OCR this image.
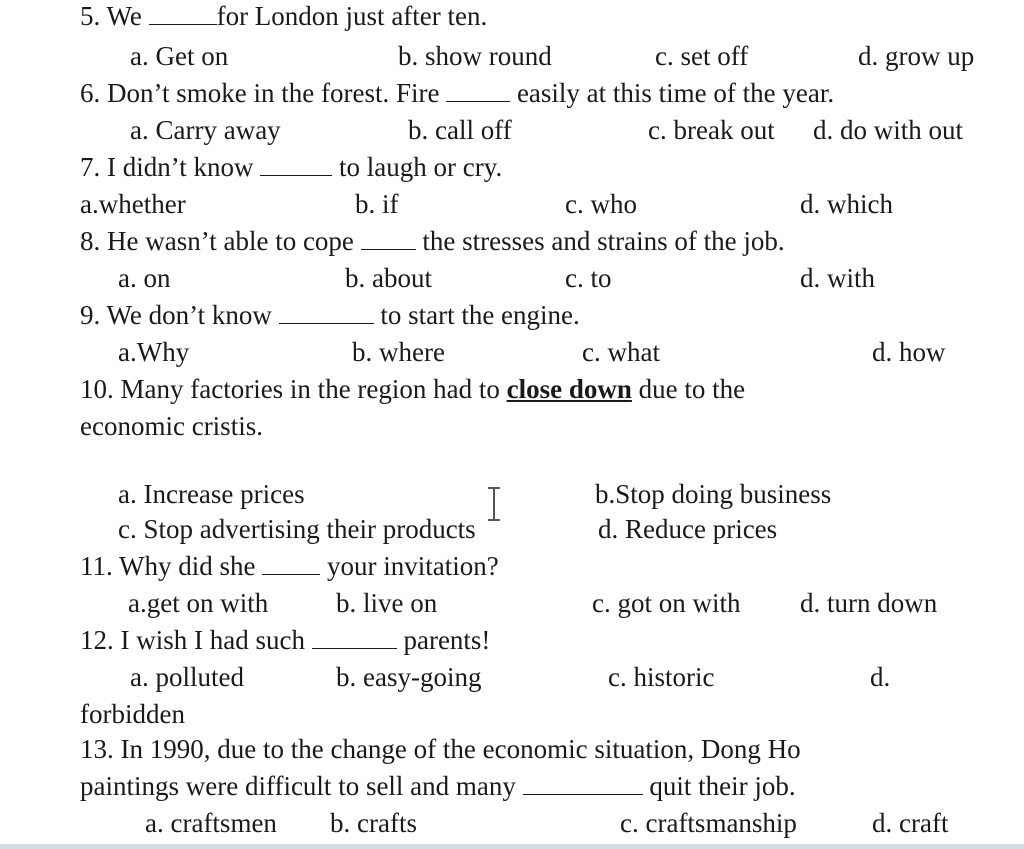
5. We	for London just after ten.
a. Get on	b. show round	c. set off	d. grow up
6. Don’t smoke in the forest. Fire  easily at this time of the year.
a. Carry away	b. call off	c. break out d. do with out
7. I didn’t know	to laugh or cry.
a.whether	b. if	c. who	d. which
8. He wasn’t able to cope  the stresses and strains of the job.
a. on	b. about	c. to	d. with
9. We don’t know	to start the engine.
a.Why	b. where	c. what	d. how
10. Many factories in the region had to close down due to the
economic cristis.
a. Increase prices	b.Stop doing business
c. Stop advertising their products	d. Reduce prices
11. Why did she  your invitation?
a.get on with	b. live on	c. got on with d. turn down
12. I wish I had such	parents!
a. polluted	b. easy-going	c. historic	d.
forbidden
13. In 1990, due to the change of the economic situation, Dong Ho
paintings were difficult to sell and many	quit their job.
a. craftsmen b. crafts	c. craftsmanship	d. craft
